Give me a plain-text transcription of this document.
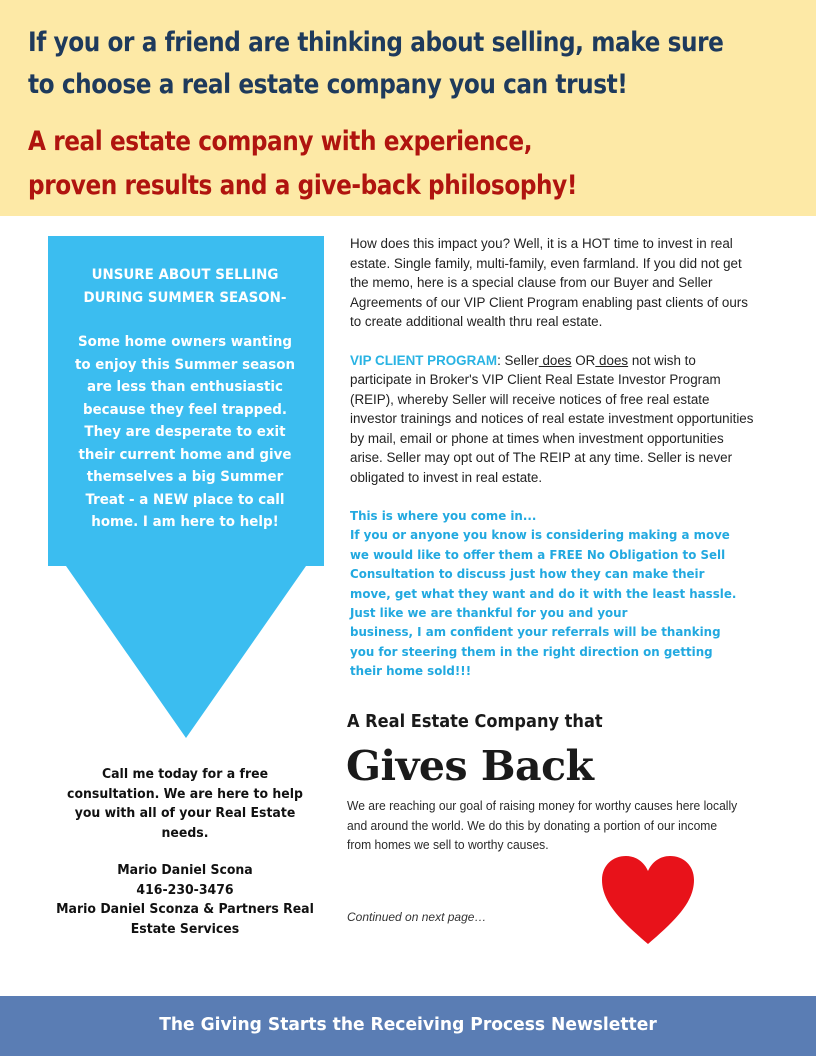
If you or a friend are thinking about selling, make sure
to choose a real estate company you can trust!
A real estate company with experience,
proven results and a give-back philosophy!

UNSURE ABOUT SELLING
DURING SUMMER SEASON-

Some home owners wanting to enjoy this Summer season are less than enthusiastic because they feel trapped. They are desperate to exit their current home and give themselves a big Summer Treat - a NEW place to call home. I am here to help!

Call me today for a free consultation. We are here to help you with all of your Real Estate needs.
Mario Daniel Scona
416-230-3476
Mario Daniel Sconza & Partners Real
Estate Services

How does this impact you? Well, it is a HOT time to invest in real estate. Single family, multi-family, even farmland. If you did not get the memo, here is a special clause from our Buyer and Seller Agreements of our VIP Client Program enabling past clients of ours to create additional wealth thru real estate.

VIP CLIENT PROGRAM: Seller does OR does not wish to participate in Broker's VIP Client Real Estate Investor Program (REIP), whereby Seller will receive notices of free real estate investor trainings and notices of real estate investment opportunities by mail, email or phone at times when investment opportunities arise. Seller may opt out of The REIP at any time. Seller is never obligated to invest in real estate.

This is where you come in...
If you or anyone you know is considering making a move
we would like to offer them a FREE No Obligation to Sell
Consultation to discuss just how they can make their
move, get what they want and do it with the least hassle.
Just like we are thankful for you and your
business, I am confident your referrals will be thanking
you for steering them in the right direction on getting
their home sold!!!
A Real Estate Company that
Gives Back
We are reaching our goal of raising money for worthy causes here locally
and around the world. We do this by donating a portion of our income
from homes we sell to worthy causes.
Continued on next page…
The Giving Starts the Receiving Process Newsletter
